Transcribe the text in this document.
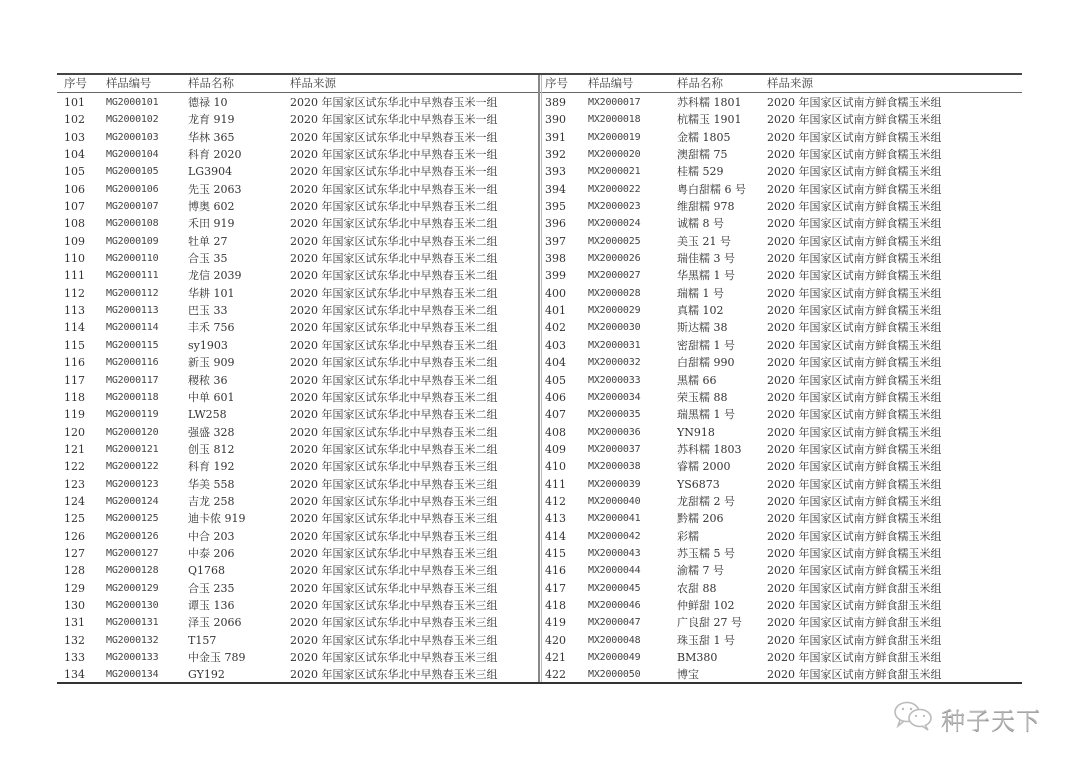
序号 样品编号	样品名称	样品来源
101 MG2000101	德禄 10	2020 年国家区试东华北中早熟春玉米一组
102 MG2000102	龙育 919	2020 年国家区试东华北中早熟春玉米一组
103 MG2000103	华林 365	2020 年国家区试东华北中早熟春玉米一组
104 MG2000104	科育 2020	2020 年国家区试东华北中早熟春玉米一组
105 MG2000105	LG3904	2020 年国家区试东华北中早熟春玉米一组
106 MG2000106	先玉 2063	2020 年国家区试东华北中早熟春玉米一组
107 MG2000107	博奥 602	2020 年国家区试东华北中早熟春玉米二组
108 MG2000108	禾田 919	2020 年国家区试东华北中早熟春玉米二组
109 MG2000109	牡单 27	2020 年国家区试东华北中早熟春玉米二组
110 MG2000110	合玉 35	2020 年国家区试东华北中早熟春玉米二组
111 MG2000111	龙信 2039	2020 年国家区试东华北中早熟春玉米二组
112 MG2000112	华耕 101	2020 年国家区试东华北中早熟春玉米二组
113 MG2000113	巴玉 33	2020 年国家区试东华北中早熟春玉米二组
114 MG2000114	丰禾 756	2020 年国家区试东华北中早熟春玉米二组
115 MG2000115	sy1903	2020 年国家区试东华北中早熟春玉米二组
116 MG2000116	新玉 909	2020 年国家区试东华北中早熟春玉米二组
117 MG2000117	稷秾 36	2020 年国家区试东华北中早熟春玉米二组
118 MG2000118	中单 601	2020 年国家区试东华北中早熟春玉米二组
119 MG2000119	LW258	2020 年国家区试东华北中早熟春玉米二组
120 MG2000120	强盛 328	2020 年国家区试东华北中早熟春玉米二组
121 MG2000121	创玉 812	2020 年国家区试东华北中早熟春玉米二组
122 MG2000122	科育 192	2020 年国家区试东华北中早熟春玉米三组
123 MG2000123	华美 558	2020 年国家区试东华北中早熟春玉米三组
124 MG2000124	吉龙 258	2020 年国家区试东华北中早熟春玉米三组
125 MG2000125	迪卡侬 919	2020 年国家区试东华北中早熟春玉米三组
126 MG2000126	中合 203	2020 年国家区试东华北中早熟春玉米三组
127 MG2000127	中泰 206	2020 年国家区试东华北中早熟春玉米三组
128 MG2000128	Q1768	2020 年国家区试东华北中早熟春玉米三组
129 MG2000129	合玉 235	2020 年国家区试东华北中早熟春玉米三组
130 MG2000130	谭玉 136	2020 年国家区试东华北中早熟春玉米三组
131 MG2000131	泽玉 2066	2020 年国家区试东华北中早熟春玉米三组
132 MG2000132	T157	2020 年国家区试东华北中早熟春玉米三组
133 MG2000133	中金玉 789	2020 年国家区试东华北中早熟春玉米三组
134 MG2000134	GY192	2020 年国家区试东华北中早熟春玉米三组
序号 样品编号	样品名称	样品来源
389 MX2000017	苏科糯 1801 2020 年国家区试南方鲜食糯玉米组
390 MX2000018	杭糯玉 1901 2020 年国家区试南方鲜食糯玉米组
391 MX2000019	金糯 1805	2020 年国家区试南方鲜食糯玉米组
392 MX2000020	澳甜糯 75	2020 年国家区试南方鲜食糯玉米组
393 MX2000021	桂糯 529	2020 年国家区试南方鲜食糯玉米组
394 MX2000022	粤白甜糯 6 号 2020 年国家区试南方鲜食糯玉米组
395 MX2000023	维甜糯 978	2020 年国家区试南方鲜食糯玉米组
396 MX2000024	诚糯 8 号	2020 年国家区试南方鲜食糯玉米组
397 MX2000025	美玉 21 号	2020 年国家区试南方鲜食糯玉米组
398 MX2000026	瑞佳糯 3 号	2020 年国家区试南方鲜食糯玉米组
399 MX2000027	华黑糯 1 号	2020 年国家区试南方鲜食糯玉米组
400 MX2000028	瑞糯 1 号	2020 年国家区试南方鲜食糯玉米组
401 MX2000029	真糯 102	2020 年国家区试南方鲜食糯玉米组
402 MX2000030	斯达糯 38	2020 年国家区试南方鲜食糯玉米组
403 MX2000031	密甜糯 1 号	2020 年国家区试南方鲜食糯玉米组
404 MX2000032	白甜糯 990	2020 年国家区试南方鲜食糯玉米组
405 MX2000033	黑糯 66	2020 年国家区试南方鲜食糯玉米组
406 MX2000034	荣玉糯 88	2020 年国家区试南方鲜食糯玉米组
407 MX2000035	瑞黑糯 1 号	2020 年国家区试南方鲜食糯玉米组
408 MX2000036	YN918	2020 年国家区试南方鲜食糯玉米组
409 MX2000037	苏科糯 1803 2020 年国家区试南方鲜食糯玉米组
410 MX2000038	睿糯 2000	2020 年国家区试南方鲜食糯玉米组
411 MX2000039	YS6873	2020 年国家区试南方鲜食糯玉米组
412 MX2000040	龙甜糯 2 号	2020 年国家区试南方鲜食糯玉米组
413 MX2000041	黔糯 206	2020 年国家区试南方鲜食糯玉米组
414 MX2000042	彩糯	2020 年国家区试南方鲜食糯玉米组
415 MX2000043	苏玉糯 5 号	2020 年国家区试南方鲜食糯玉米组
416 MX2000044	渝糯 7 号	2020 年国家区试南方鲜食糯玉米组
417 MX2000045	农甜 88	2020 年国家区试南方鲜食甜玉米组
418 MX2000046	仲鲜甜 102	2020 年国家区试南方鲜食甜玉米组
419 MX2000047	广良甜 27 号 2020 年国家区试南方鲜食甜玉米组
420 MX2000048	珠玉甜 1 号	2020 年国家区试南方鲜食甜玉米组
421 MX2000049	BM380	2020 年国家区试南方鲜食甜玉米组
422 MX2000050	博宝	2020 年国家区试南方鲜食甜玉米组
种子天下
